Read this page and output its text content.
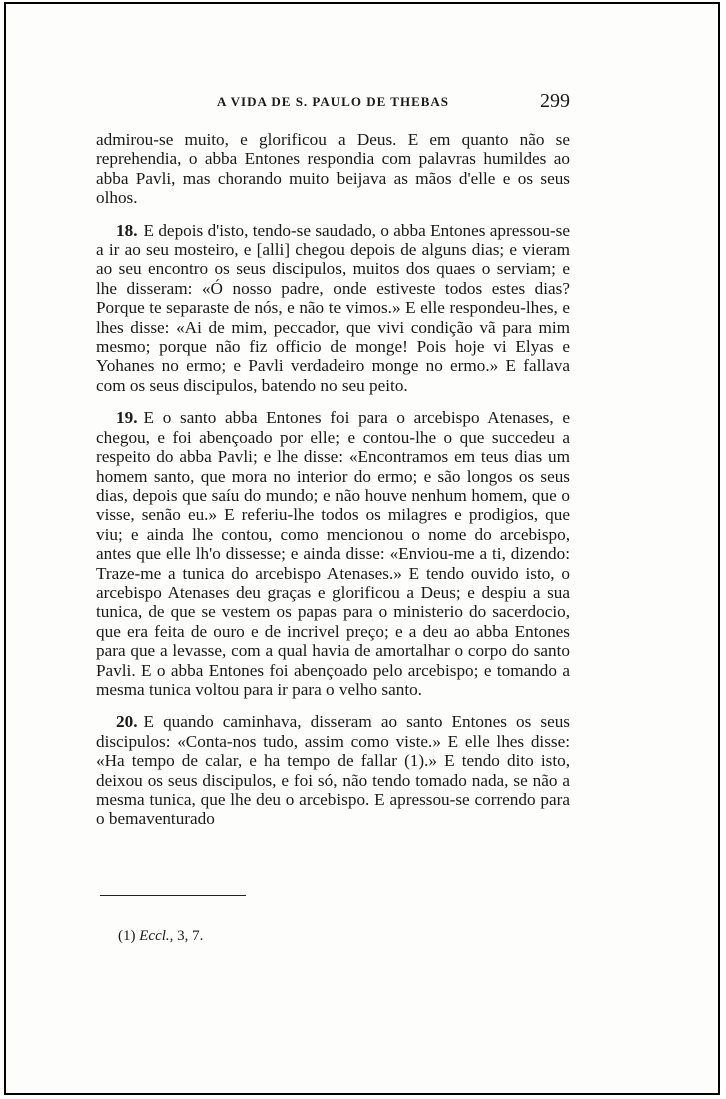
A VIDA DE S. PAULO DE THEBAS	299

admirou-se muito, e glorificou a Deus. E em quanto não se reprehendia, o abba Entones respondia com palavras humildes ao abba Pavli, mas chorando muito beijava as mãos d'elle e os seus olhos.

18. E depois d'isto, tendo-se saudado, o abba Entones apressou-se a ir ao seu mosteiro, e [alli] chegou depois de alguns dias; e vieram ao seu encontro os seus discipulos, muitos dos quaes o serviam; e lhe disseram: «Ó nosso padre, onde estiveste todos estes dias? Porque te separaste de nós, e não te vimos.» E elle respondeu-lhes, e lhes disse: «Ai de mim, peccador, que vivi condição vã para mim mesmo; porque não fiz officio de monge! Pois hoje vi Elyas e Yohanes no ermo; e Pavli verdadeiro monge no ermo.» E fallava com os seus discipulos, batendo no seu peito.

19. E o santo abba Entones foi para o arcebispo Atenases, e chegou, e foi abençoado por elle; e contou-lhe o que succedeu a respeito do abba Pavli; e lhe disse: «Encontramos em teus dias um homem santo, que mora no interior do ermo; e são longos os seus dias, depois que saíu do mundo; e não houve nenhum homem, que o visse, senão eu.» E referiu-lhe todos os milagres e prodigios, que viu; e ainda lhe contou, como mencionou o nome do arcebispo, antes que elle lh'o dissesse; e ainda disse: «Enviou-me a ti, dizendo: Traze-me a tunica do arcebispo Atenases.» E tendo ouvido isto, o arcebispo Atenases deu graças e glorificou a Deus; e despiu a sua tunica, de que se vestem os papas para o ministerio do sacerdocio, que era feita de ouro e de incrivel preço; e a deu ao abba Entones para que a levasse, com a qual havia de amortalhar o corpo do santo Pavli. E o abba Entones foi abençoado pelo arcebispo; e tomando a mesma tunica voltou para ir para o velho santo.

20. E quando caminhava, disseram ao santo Entones os seus discipulos: «Conta-nos tudo, assim como viste.» E elle lhes disse: «Ha tempo de calar, e ha tempo de fallar (1).» E tendo dito isto, deixou os seus discipulos, e foi só, não tendo tomado nada, se não a mesma tunica, que lhe deu o arcebispo. E apressou-se correndo para o bemaventurado

(1) Eccl., 3, 7.
